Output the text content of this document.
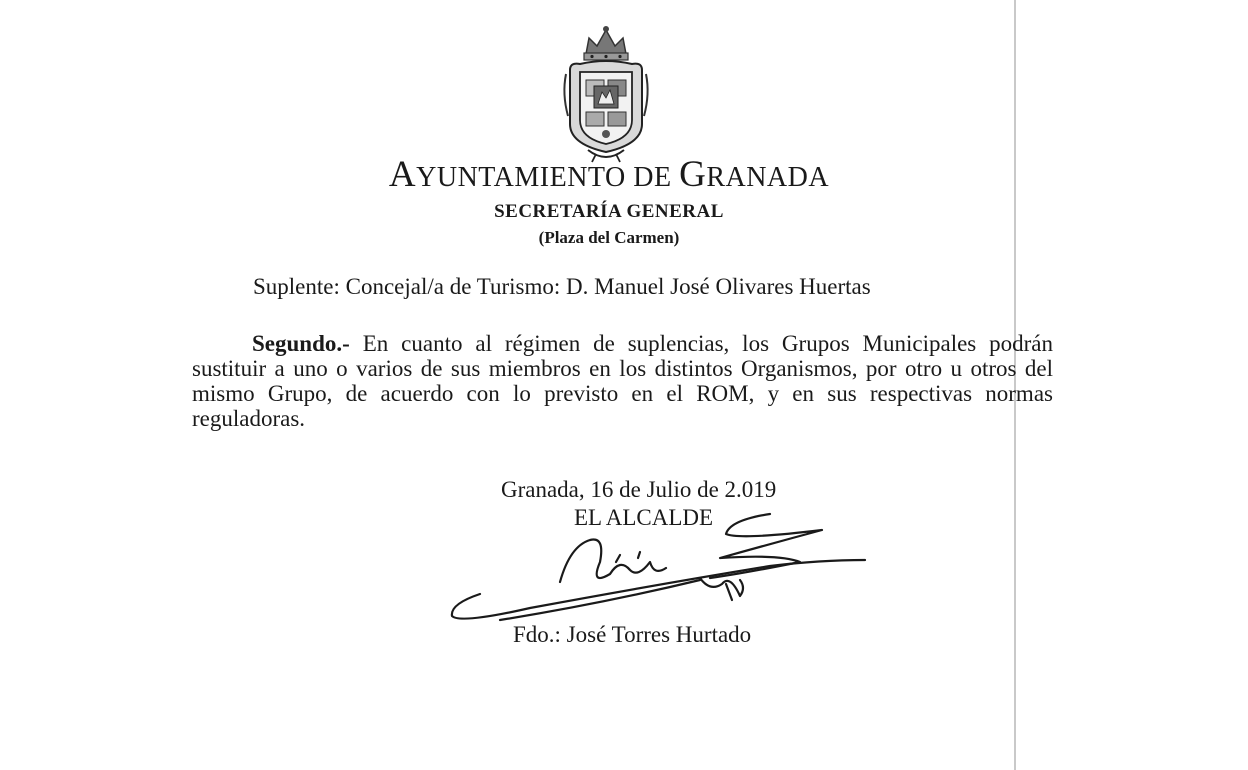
AYUNTAMIENTO DE GRANADA
SECRETARÍA GENERAL
(Plaza del Carmen)
Suplente: Concejal/a de Turismo: D. Manuel José Olivares Huertas
Segundo.- En cuanto al régimen de suplencias, los Grupos Municipales podrán sustituir a uno o varios de sus miembros en los distintos Organismos, por otro u otros del mismo Grupo, de acuerdo con lo previsto en el ROM, y en sus respectivas normas reguladoras.
Granada, 16 de Julio de 2.019
EL ALCALDE
Fdo.: José Torres Hurtado
